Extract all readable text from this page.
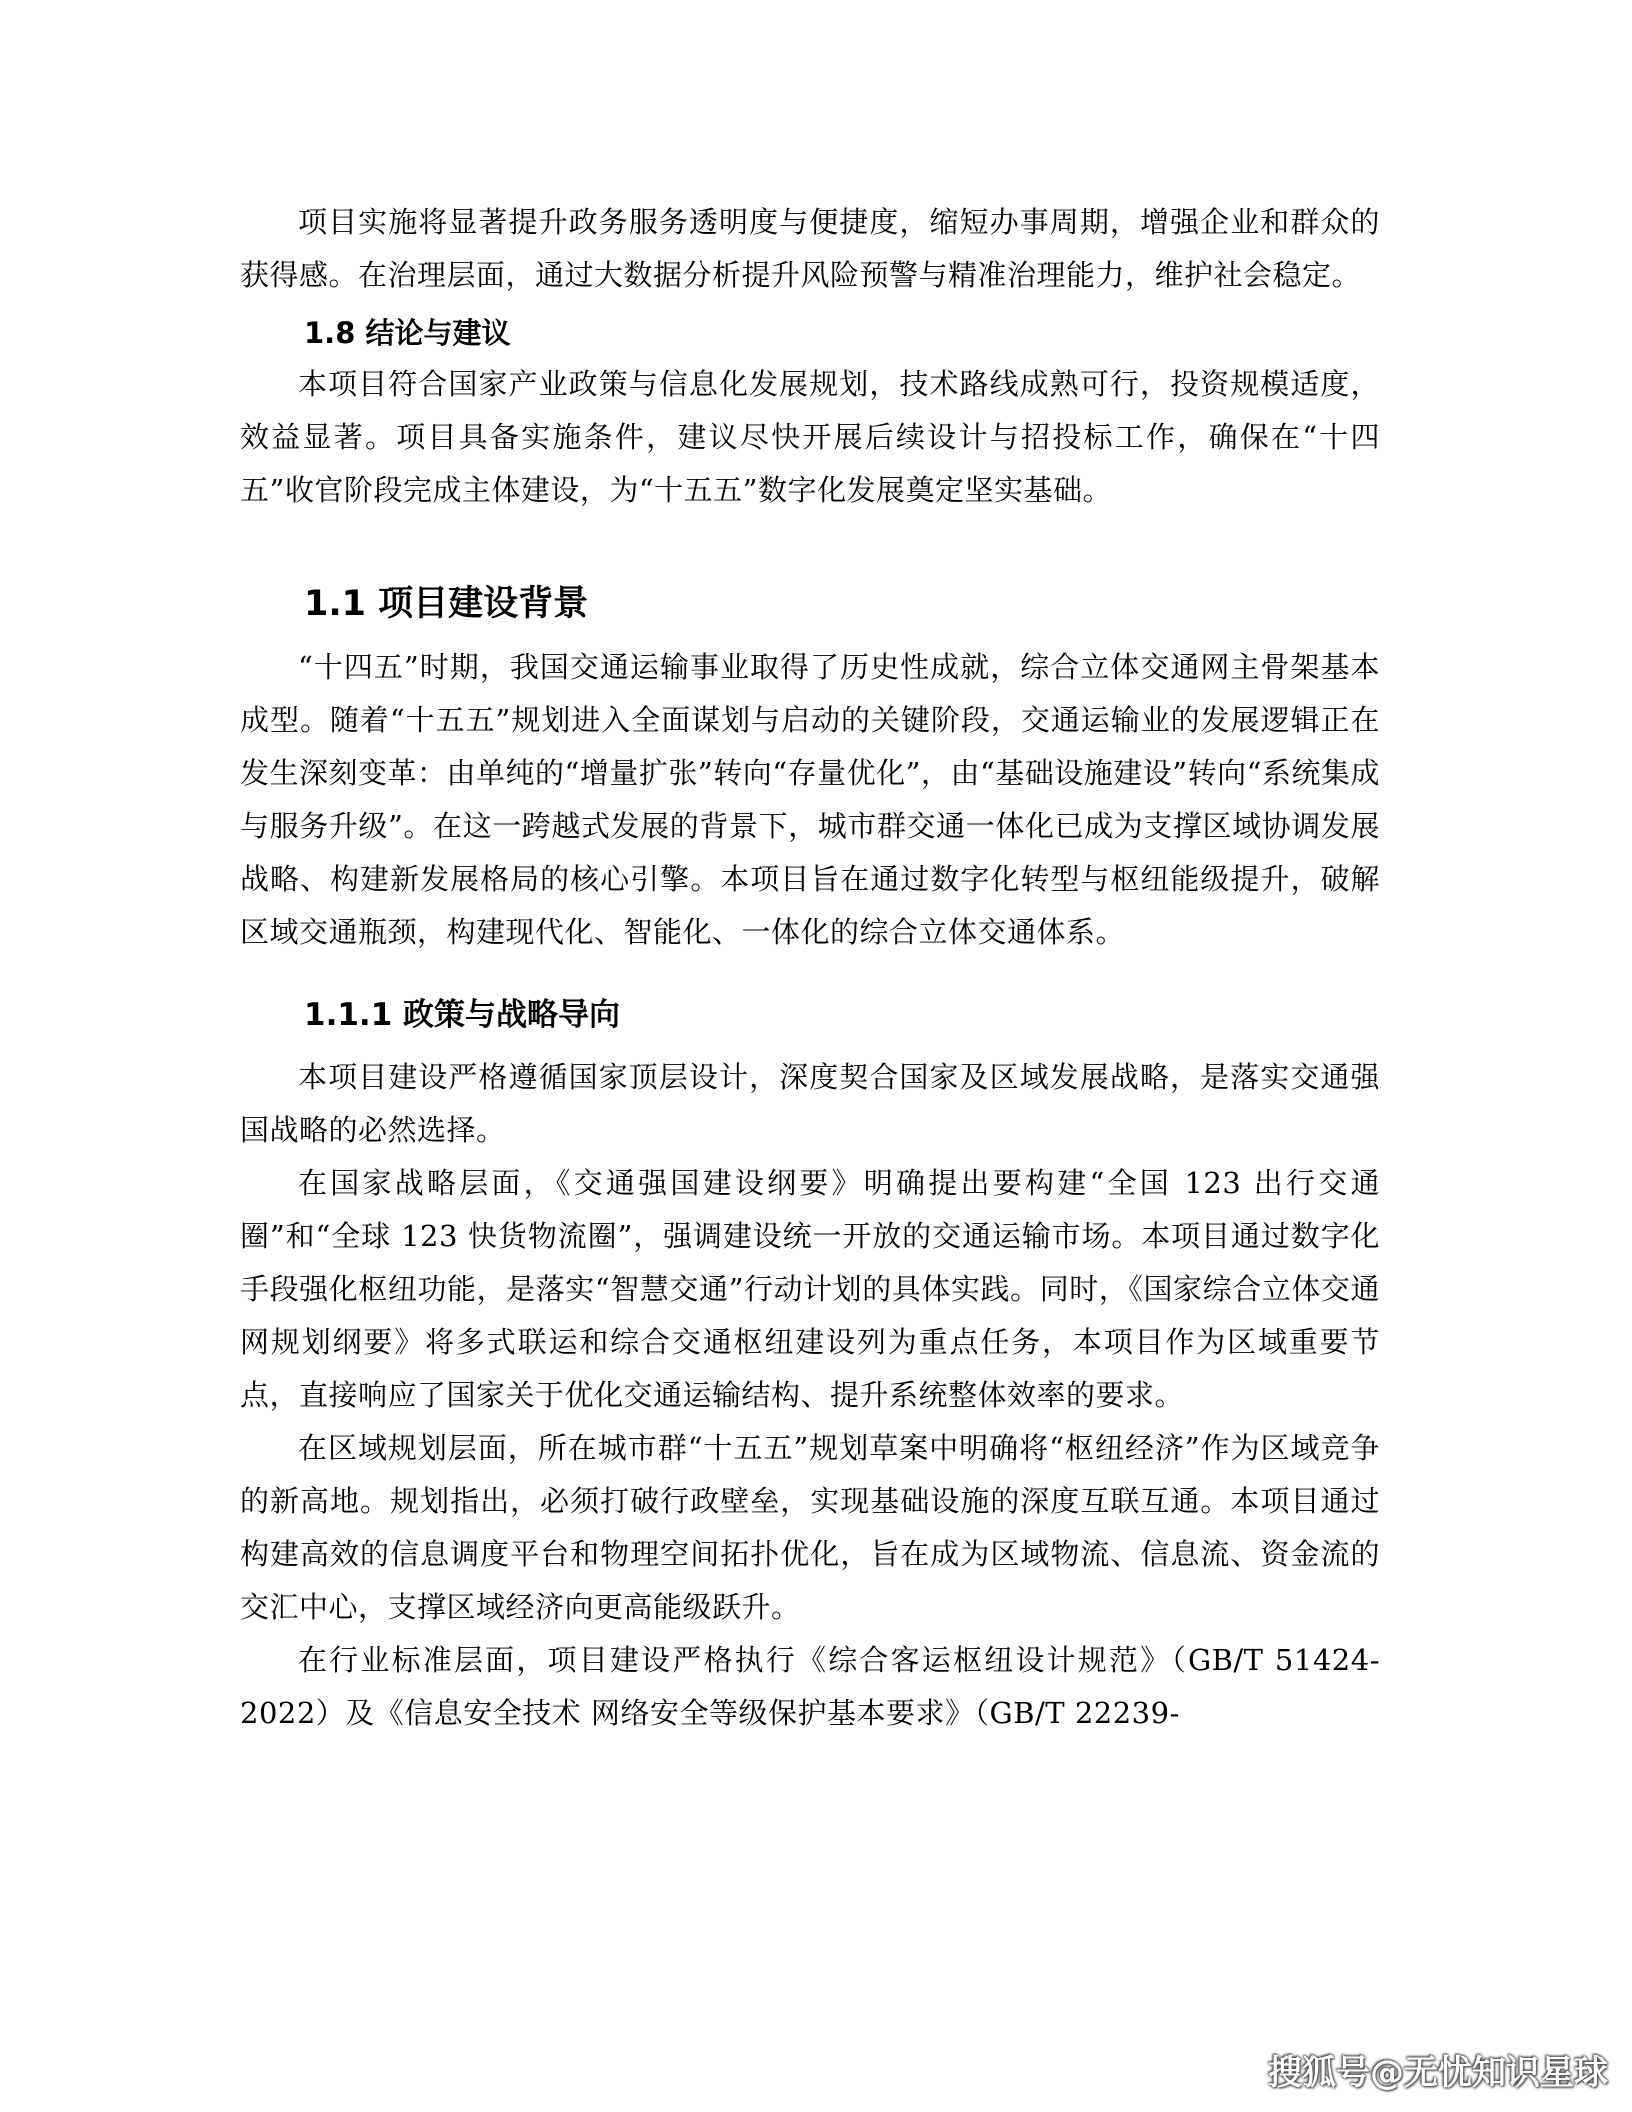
项目实施将显著提升政务服务透明度与便捷度，缩短办事周期，增强企业和群众的获得感。在治理层面，通过大数据分析提升风险预警与精准治理能力，维护社会稳定。

1.8 结论与建议

本项目符合国家产业政策与信息化发展规划，技术路线成熟可行，投资规模适度，效益显著。项目具备实施条件，建议尽快开展后续设计与招投标工作，确保在“十四五”收官阶段完成主体建设，为“十五五”数字化发展奠定坚实基础。

1.1 项目建设背景

“十四五”时期，我国交通运输事业取得了历史性成就，综合立体交通网主骨架基本成型。随着“十五五”规划进入全面谋划与启动的关键阶段，交通运输业的发展逻辑正在发生深刻变革：由单纯的“增量扩张”转向“存量优化”，由“基础设施建设”转向“系统集成与服务升级”。在这一跨越式发展的背景下，城市群交通一体化已成为支撑区域协调发展战略、构建新发展格局的核心引擎。本项目旨在通过数字化转型与枢纽能级提升，破解区域交通瓶颈，构建现代化、智能化、一体化的综合立体交通体系。

1.1.1 政策与战略导向

本项目建设严格遵循国家顶层设计，深度契合国家及区域发展战略，是落实交通强国战略的必然选择。

在国家战略层面，《交通强国建设纲要》明确提出要构建“全国 123 出行交通圈”和“全球 123 快货物流圈”，强调建设统一开放的交通运输市场。本项目通过数字化手段强化枢纽功能，是落实“智慧交通”行动计划的具体实践。同时，《国家综合立体交通网规划纲要》将多式联运和综合交通枢纽建设列为重点任务，本项目作为区域重要节点，直接响应了国家关于优化交通运输结构、提升系统整体效率的要求。

在区域规划层面，所在城市群“十五五”规划草案中明确将“枢纽经济”作为区域竞争的新高地。规划指出，必须打破行政壁垒，实现基础设施的深度互联互通。本项目通过构建高效的信息调度平台和物理空间拓扑优化，旨在成为区域物流、信息流、资金流的交汇中心，支撑区域经济向更高能级跃升。

在行业标准层面，项目建设严格执行《综合客运枢纽设计规范》（GB/T 51424-2022）及《信息安全技术 网络安全等级保护基本要求》（GB/T 22239-

搜狐号@无忧知识星球
